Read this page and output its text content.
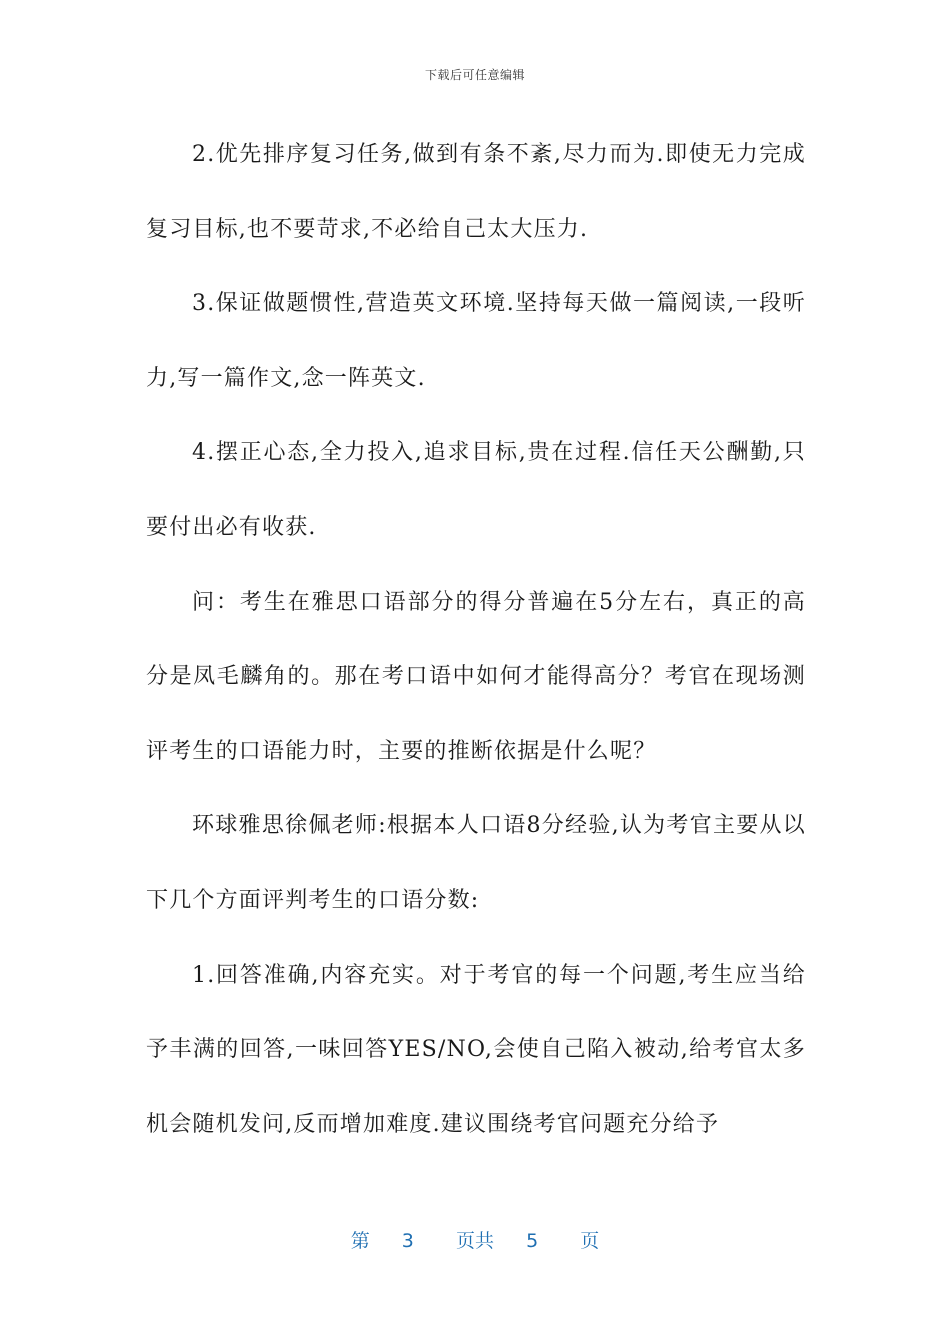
下载后可任意编辑

2.优先排序复习任务,做到有条不紊,尽力而为.即使无力完成复习目标,也不要苛求,不必给自己太大压力.

3.保证做题惯性,营造英文环境.坚持每天做一篇阅读,一段听力,写一篇作文,念一阵英文.

4.摆正心态,全力投入,追求目标,贵在过程.信任天公酬勤,只要付出必有收获.

问：考生在雅思口语部分的得分普遍在5分左右，真正的高分是凤毛麟角的。那在考口语中如何才能得高分？考官在现场测评考生的口语能力时，主要的推断依据是什么呢？

环球雅思徐佩老师:根据本人口语8分经验,认为考官主要从以下几个方面评判考生的口语分数:

1.回答准确,内容充实。对于考官的每一个问题,考生应当给予丰满的回答,一味回答YES/NO,会使自己陷入被动,给考官太多机会随机发问,反而增加难度.建议围绕考官问题充分给予

第 3 页共 5 页
